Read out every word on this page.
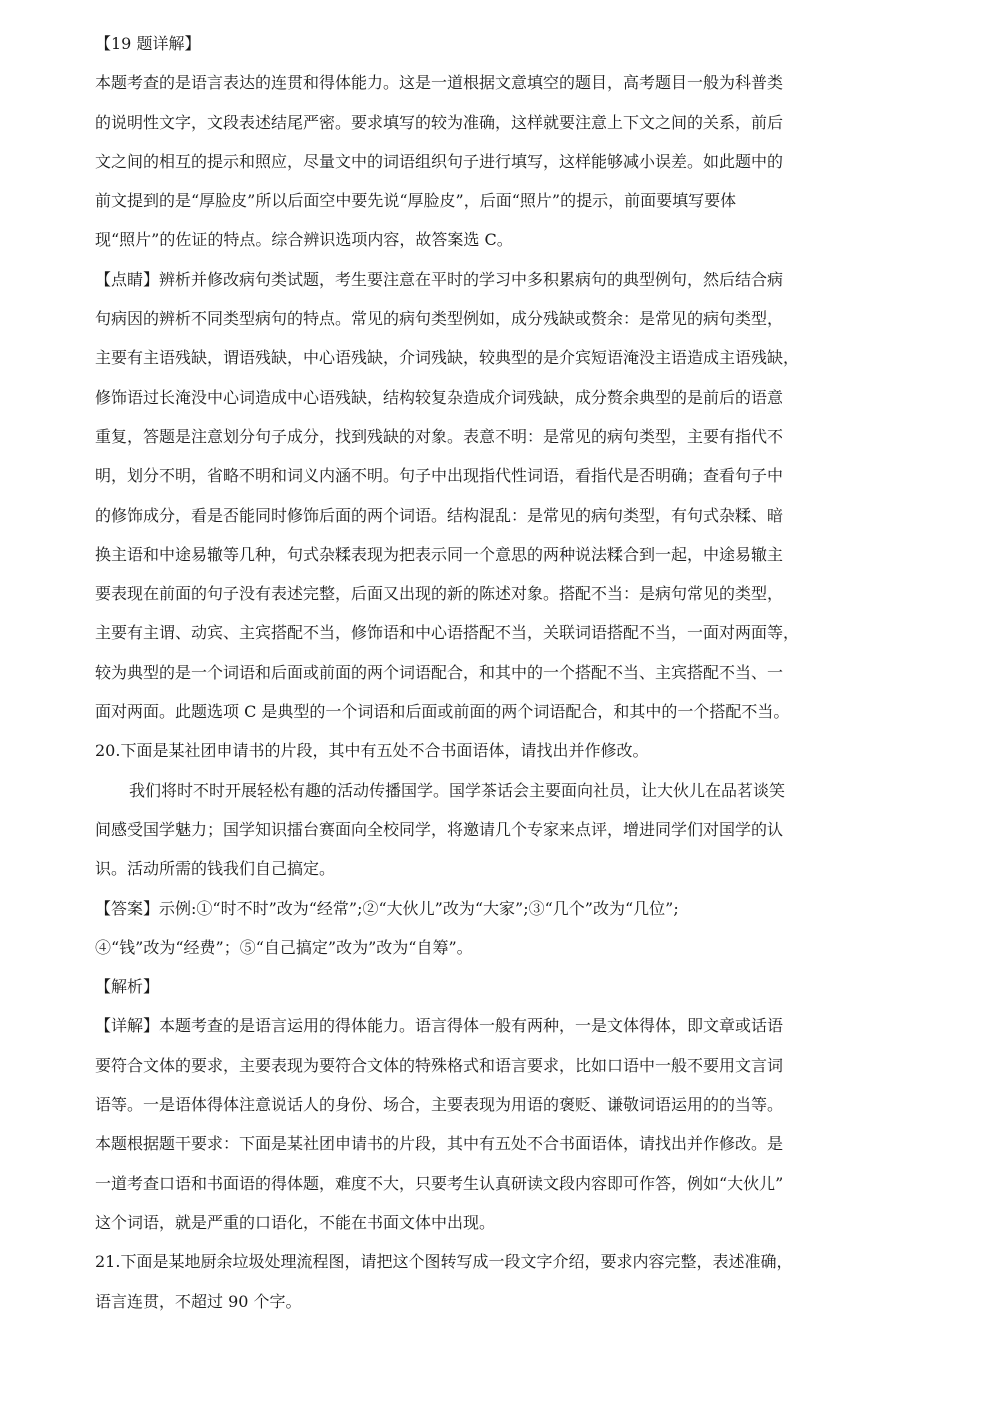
【19 题详解】
本题考查的是语言表达的连贯和得体能力。这是一道根据文意填空的题目，高考题目一般为科普类
的说明性文字，文段表述结尾严密。要求填写的较为准确，这样就要注意上下文之间的关系，前后
文之间的相互的提示和照应，尽量文中的词语组织句子进行填写，这样能够减小误差。如此题中的
前文提到的是“厚脸皮”所以后面空中要先说“厚脸皮”，后面“照片”的提示，前面要填写要体
现“照片”的佐证的特点。综合辨识选项内容，故答案选 C。
【点睛】辨析并修改病句类试题，考生要注意在平时的学习中多积累病句的典型例句，然后结合病
句病因的辨析不同类型病句的特点。常见的病句类型例如，成分残缺或赘余：是常见的病句类型，
主要有主语残缺，谓语残缺，中心语残缺，介词残缺，较典型的是介宾短语淹没主语造成主语残缺，
修饰语过长淹没中心词造成中心语残缺，结构较复杂造成介词残缺，成分赘余典型的是前后的语意
重复，答题是注意划分句子成分，找到残缺的对象。表意不明：是常见的病句类型，主要有指代不
明，划分不明，省略不明和词义内涵不明。句子中出现指代性词语，看指代是否明确；查看句子中
的修饰成分，看是否能同时修饰后面的两个词语。结构混乱：是常见的病句类型，有句式杂糅、暗
换主语和中途易辙等几种，句式杂糅表现为把表示同一个意思的两种说法糅合到一起，中途易辙主
要表现在前面的句子没有表述完整，后面又出现的新的陈述对象。搭配不当：是病句常见的类型，
主要有主谓、动宾、主宾搭配不当，修饰语和中心语搭配不当，关联词语搭配不当，一面对两面等，
较为典型的是一个词语和后面或前面的两个词语配合，和其中的一个搭配不当、主宾搭配不当、一
面对两面。此题选项 C 是典型的一个词语和后面或前面的两个词语配合，和其中的一个搭配不当。
20.下面是某社团申请书的片段，其中有五处不合书面语体，请找出并作修改。
我们将时不时开展轻松有趣的活动传播国学。国学茶话会主要面向社员，让大伙儿在品茗谈笑
间感受国学魅力；国学知识擂台赛面向全校同学，将邀请几个专家来点评，增进同学们对国学的认
识。活动所需的钱我们自己搞定。
【答案】示例:①“时不时”改为“经常”;②“大伙儿”改为“大家”;③“几个”改为“几位”;
④“钱”改为“经费”；⑤“自己搞定”改为”改为“自筹”。
【解析】
【详解】本题考查的是语言运用的得体能力。语言得体一般有两种，一是文体得体，即文章或话语
要符合文体的要求，主要表现为要符合文体的特殊格式和语言要求，比如口语中一般不要用文言词
语等。一是语体得体注意说话人的身份、场合，主要表现为用语的褒贬、谦敬词语运用的的当等。
本题根据题干要求：下面是某社团申请书的片段，其中有五处不合书面语体，请找出并作修改。是
一道考查口语和书面语的得体题，难度不大，只要考生认真研读文段内容即可作答，例如“大伙儿”
这个词语，就是严重的口语化，不能在书面文体中出现。
21.下面是某地厨余垃圾处理流程图，请把这个图转写成一段文字介绍，要求内容完整，表述准确，
语言连贯，不超过 90 个字。
